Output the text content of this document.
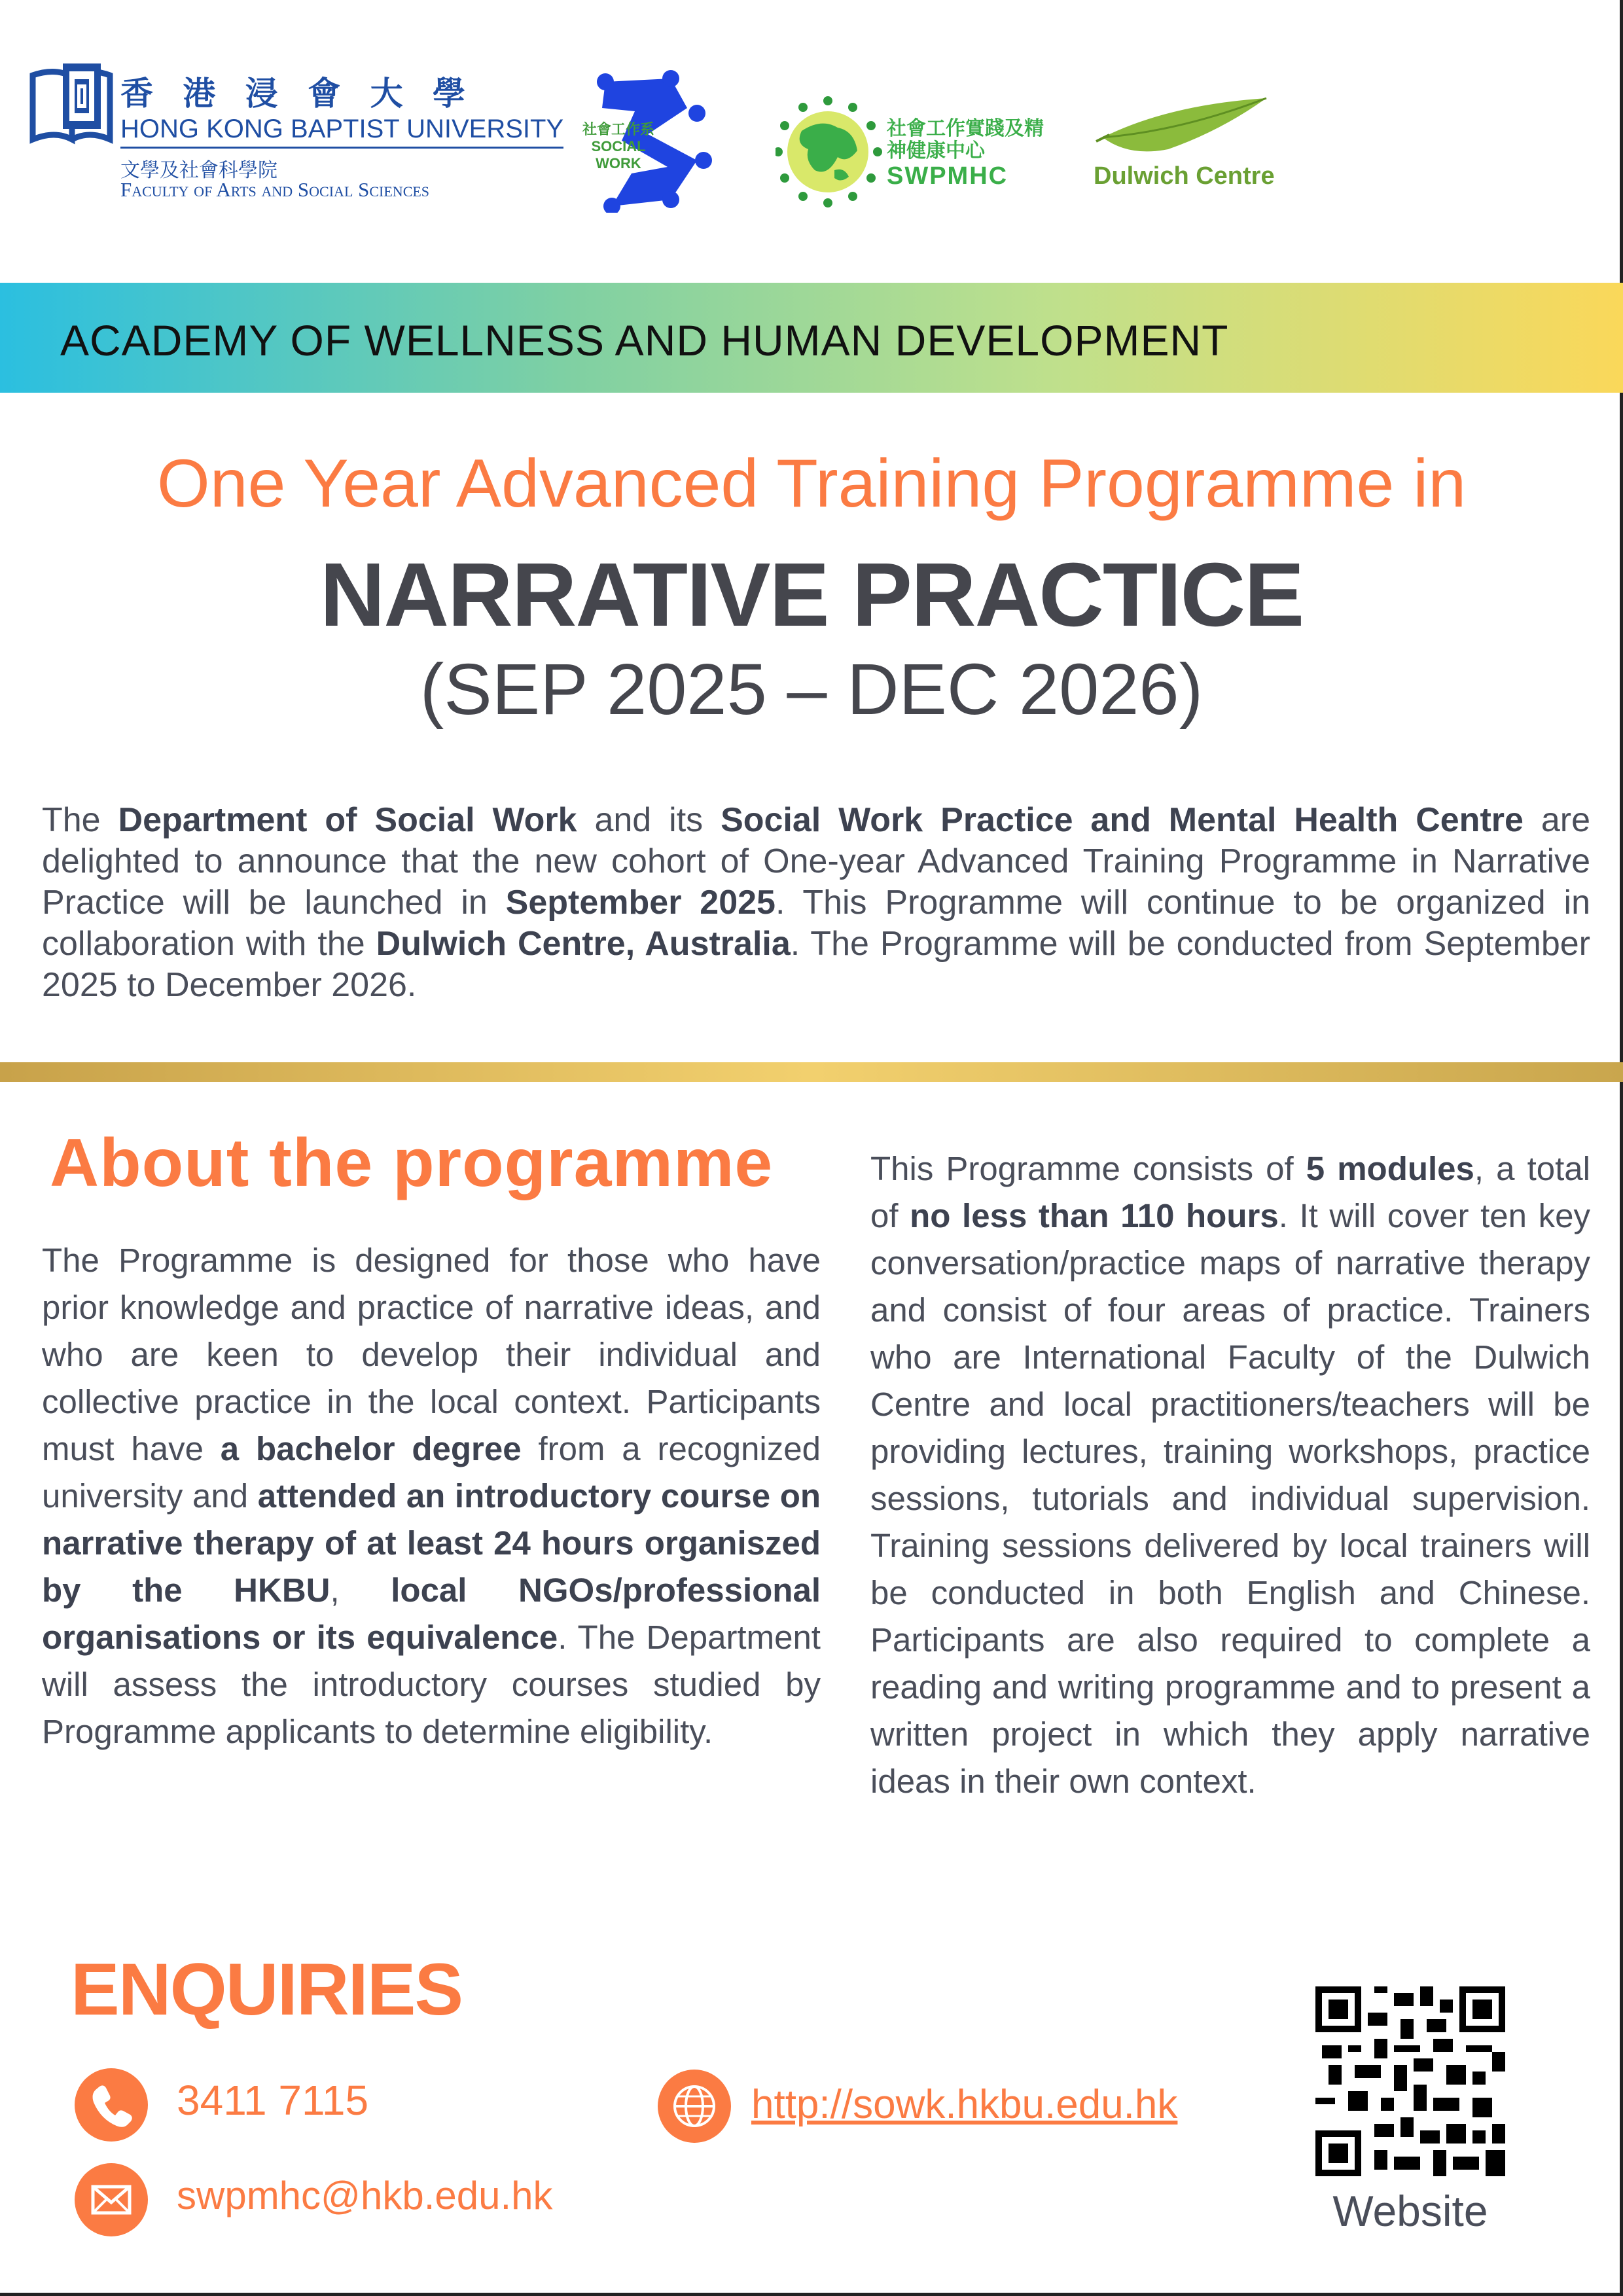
香 港 浸 會 大 學
HONG KONG BAPTIST UNIVERSITY
文學及社會科學院
Faculty of Arts and Social Sciences
社會工作系 SOCIAL WORK
社會工作實踐及精神健康中心
SWPMHC	Dulwich Centre
ACADEMY OF WELLNESS AND HUMAN DEVELOPMENT
One Year Advanced Training Programme in
NARRATIVE PRACTICE
(SEP 2025 – DEC 2026)

The Department of Social Work and its Social Work Practice and Mental Health Centre are delighted to announce that the new cohort of One-year Advanced Training Programme in Narrative Practice will be launched in September 2025. This Programme will continue to be organized in collaboration with the Dulwich Centre, Australia. The Programme will be conducted from September 2025 to December 2026.

About the programme

The Programme is designed for those who have prior knowledge and practice of narrative ideas, and who are keen to develop their individual and collective practice in the local context. Participants must have a bachelor degree from a recognized university and attended an introductory course on narrative therapy of at least 24 hours organiszed by the HKBU, local NGOs/professional organisations or its equivalence. The Department will assess the introductory courses studied by Programme applicants to determine eligibility.

This Programme consists of 5 modules, a total of no less than 110 hours. It will cover ten key conversation/practice maps of narrative therapy and consist of four areas of practice. Trainers who are International Faculty of the Dulwich Centre and local practitioners/teachers will be providing lectures, training workshops, practice sessions, tutorials and individual supervision. Training sessions delivered by local trainers will be conducted in both English and Chinese. Participants are also required to complete a reading and writing programme and to present a written project in which they apply narrative ideas in their own context.

ENQUIRIES
3411 7115
swpmhc@hkb.edu.hk
http://sowk.hkbu.edu.hk
Website
